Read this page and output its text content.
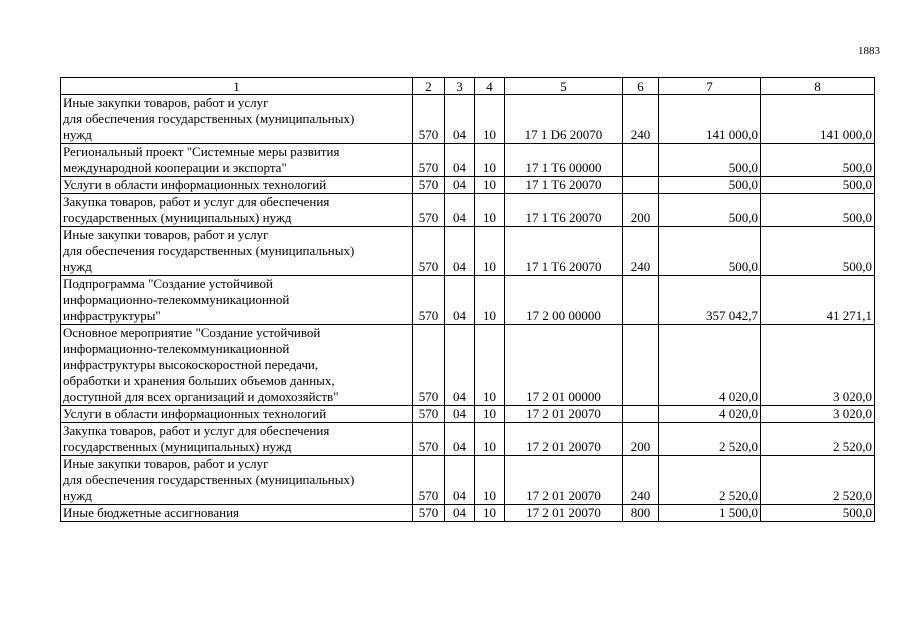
1883
1	2	3	4	5	6	7	8

Иные закупки товаров, работ и услуг
для обеспечения государственных (муниципальных)
нужд	570	04	10	17 1 D6 20070	240	141 000,0	141 000,0

Региональный проект "Системные меры развития
международной кооперации и экспорта"	570	04	10	17 1 T6 00000		500,0	500,0

Услуги в области информационных технологий	570	04	10	17 1 T6 20070		500,0	500,0

Закупка товаров, работ и услуг для обеспечения
государственных (муниципальных) нужд	570	04	10	17 1 T6 20070	200	500,0	500,0

Иные закупки товаров, работ и услуг
для обеспечения государственных (муниципальных)
нужд	570	04	10	17 1 T6 20070	240	500,0	500,0

Подпрограмма "Создание устойчивой
информационно-телекоммуникационной
инфраструктуры"	570	04	10	17 2 00 00000		357 042,7	41 271,1

Основное мероприятие "Создание устойчивой
информационно-телекоммуникационной
инфраструктуры высокоскоростной передачи,
обработки и хранения больших объемов данных,
доступной для всех организаций и домохозяйств"	570	04	10	17 2 01 00000		4 020,0	3 020,0

Услуги в области информационных технологий	570	04	10	17 2 01 20070		4 020,0	3 020,0

Закупка товаров, работ и услуг для обеспечения
государственных (муниципальных) нужд	570	04	10	17 2 01 20070	200	2 520,0	2 520,0

Иные закупки товаров, работ и услуг
для обеспечения государственных (муниципальных)
нужд	570	04	10	17 2 01 20070	240	2 520,0	2 520,0

Иные бюджетные ассигнования	570	04	10	17 2 01 20070	800	1 500,0	500,0
